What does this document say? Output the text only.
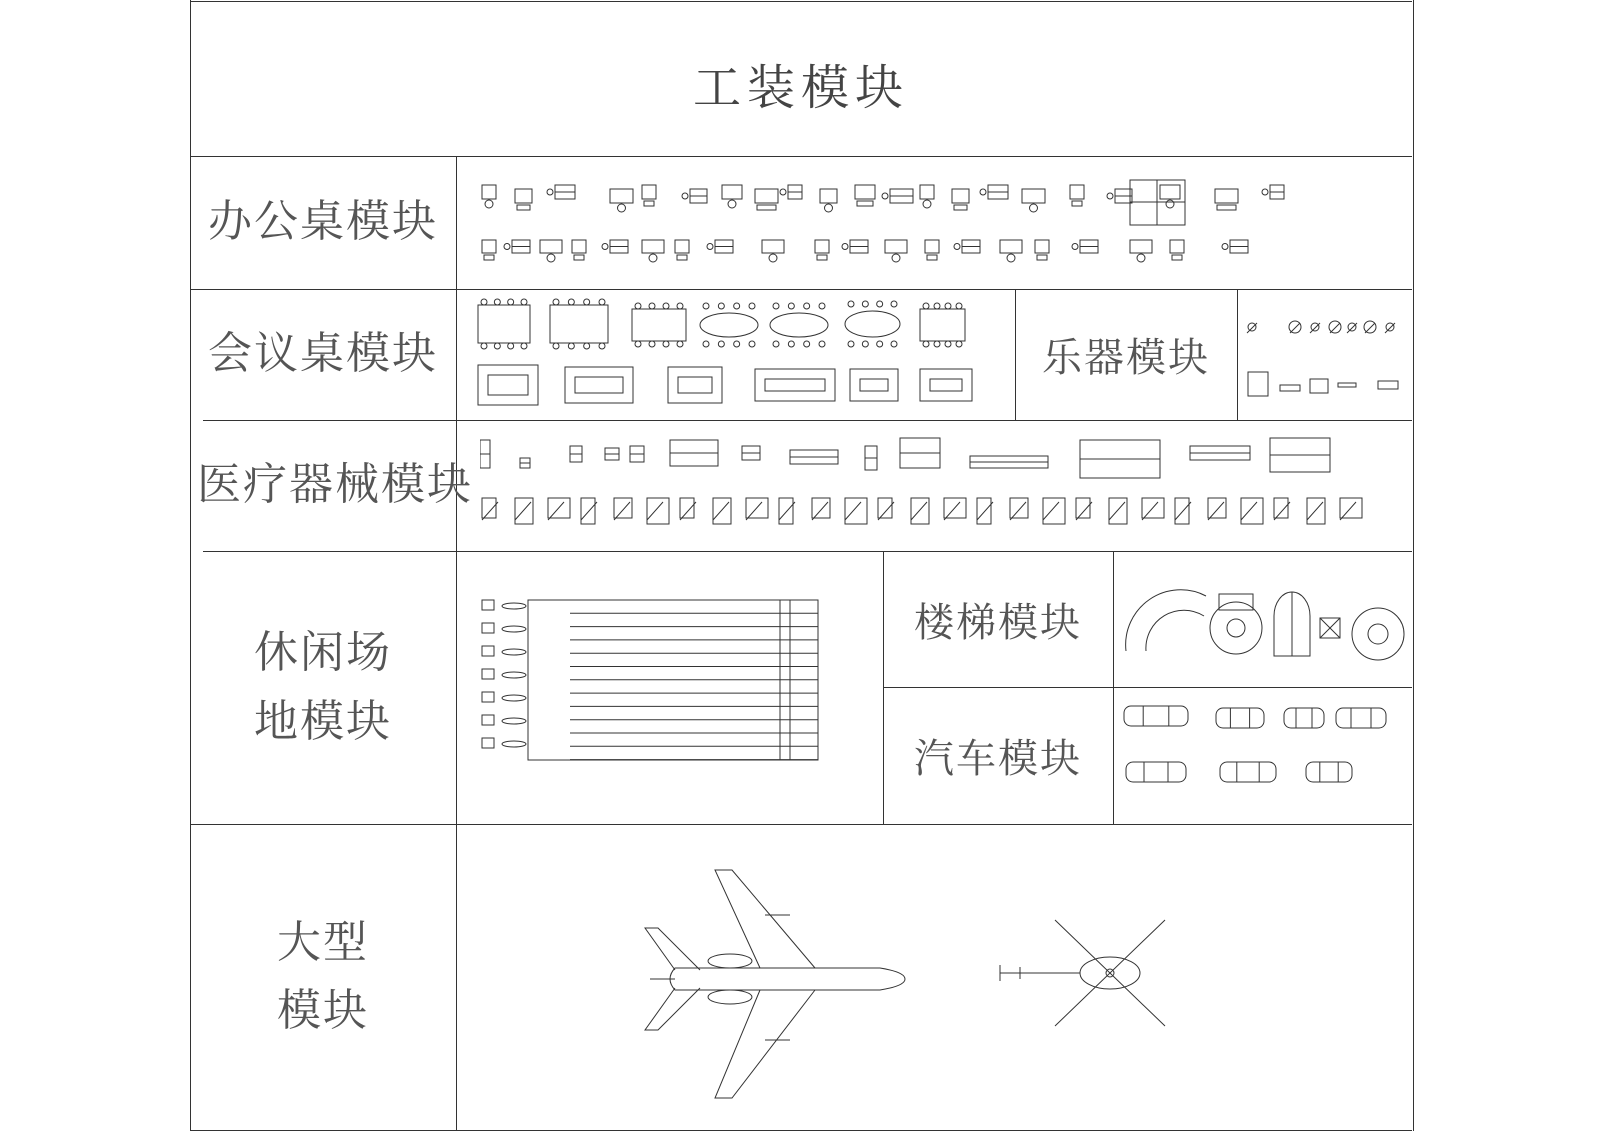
工装模块
办公桌模块
会议桌模块	乐器模块
医疗器械模块
休闲场
地模块
楼梯模块
汽车模块
大型
模块
